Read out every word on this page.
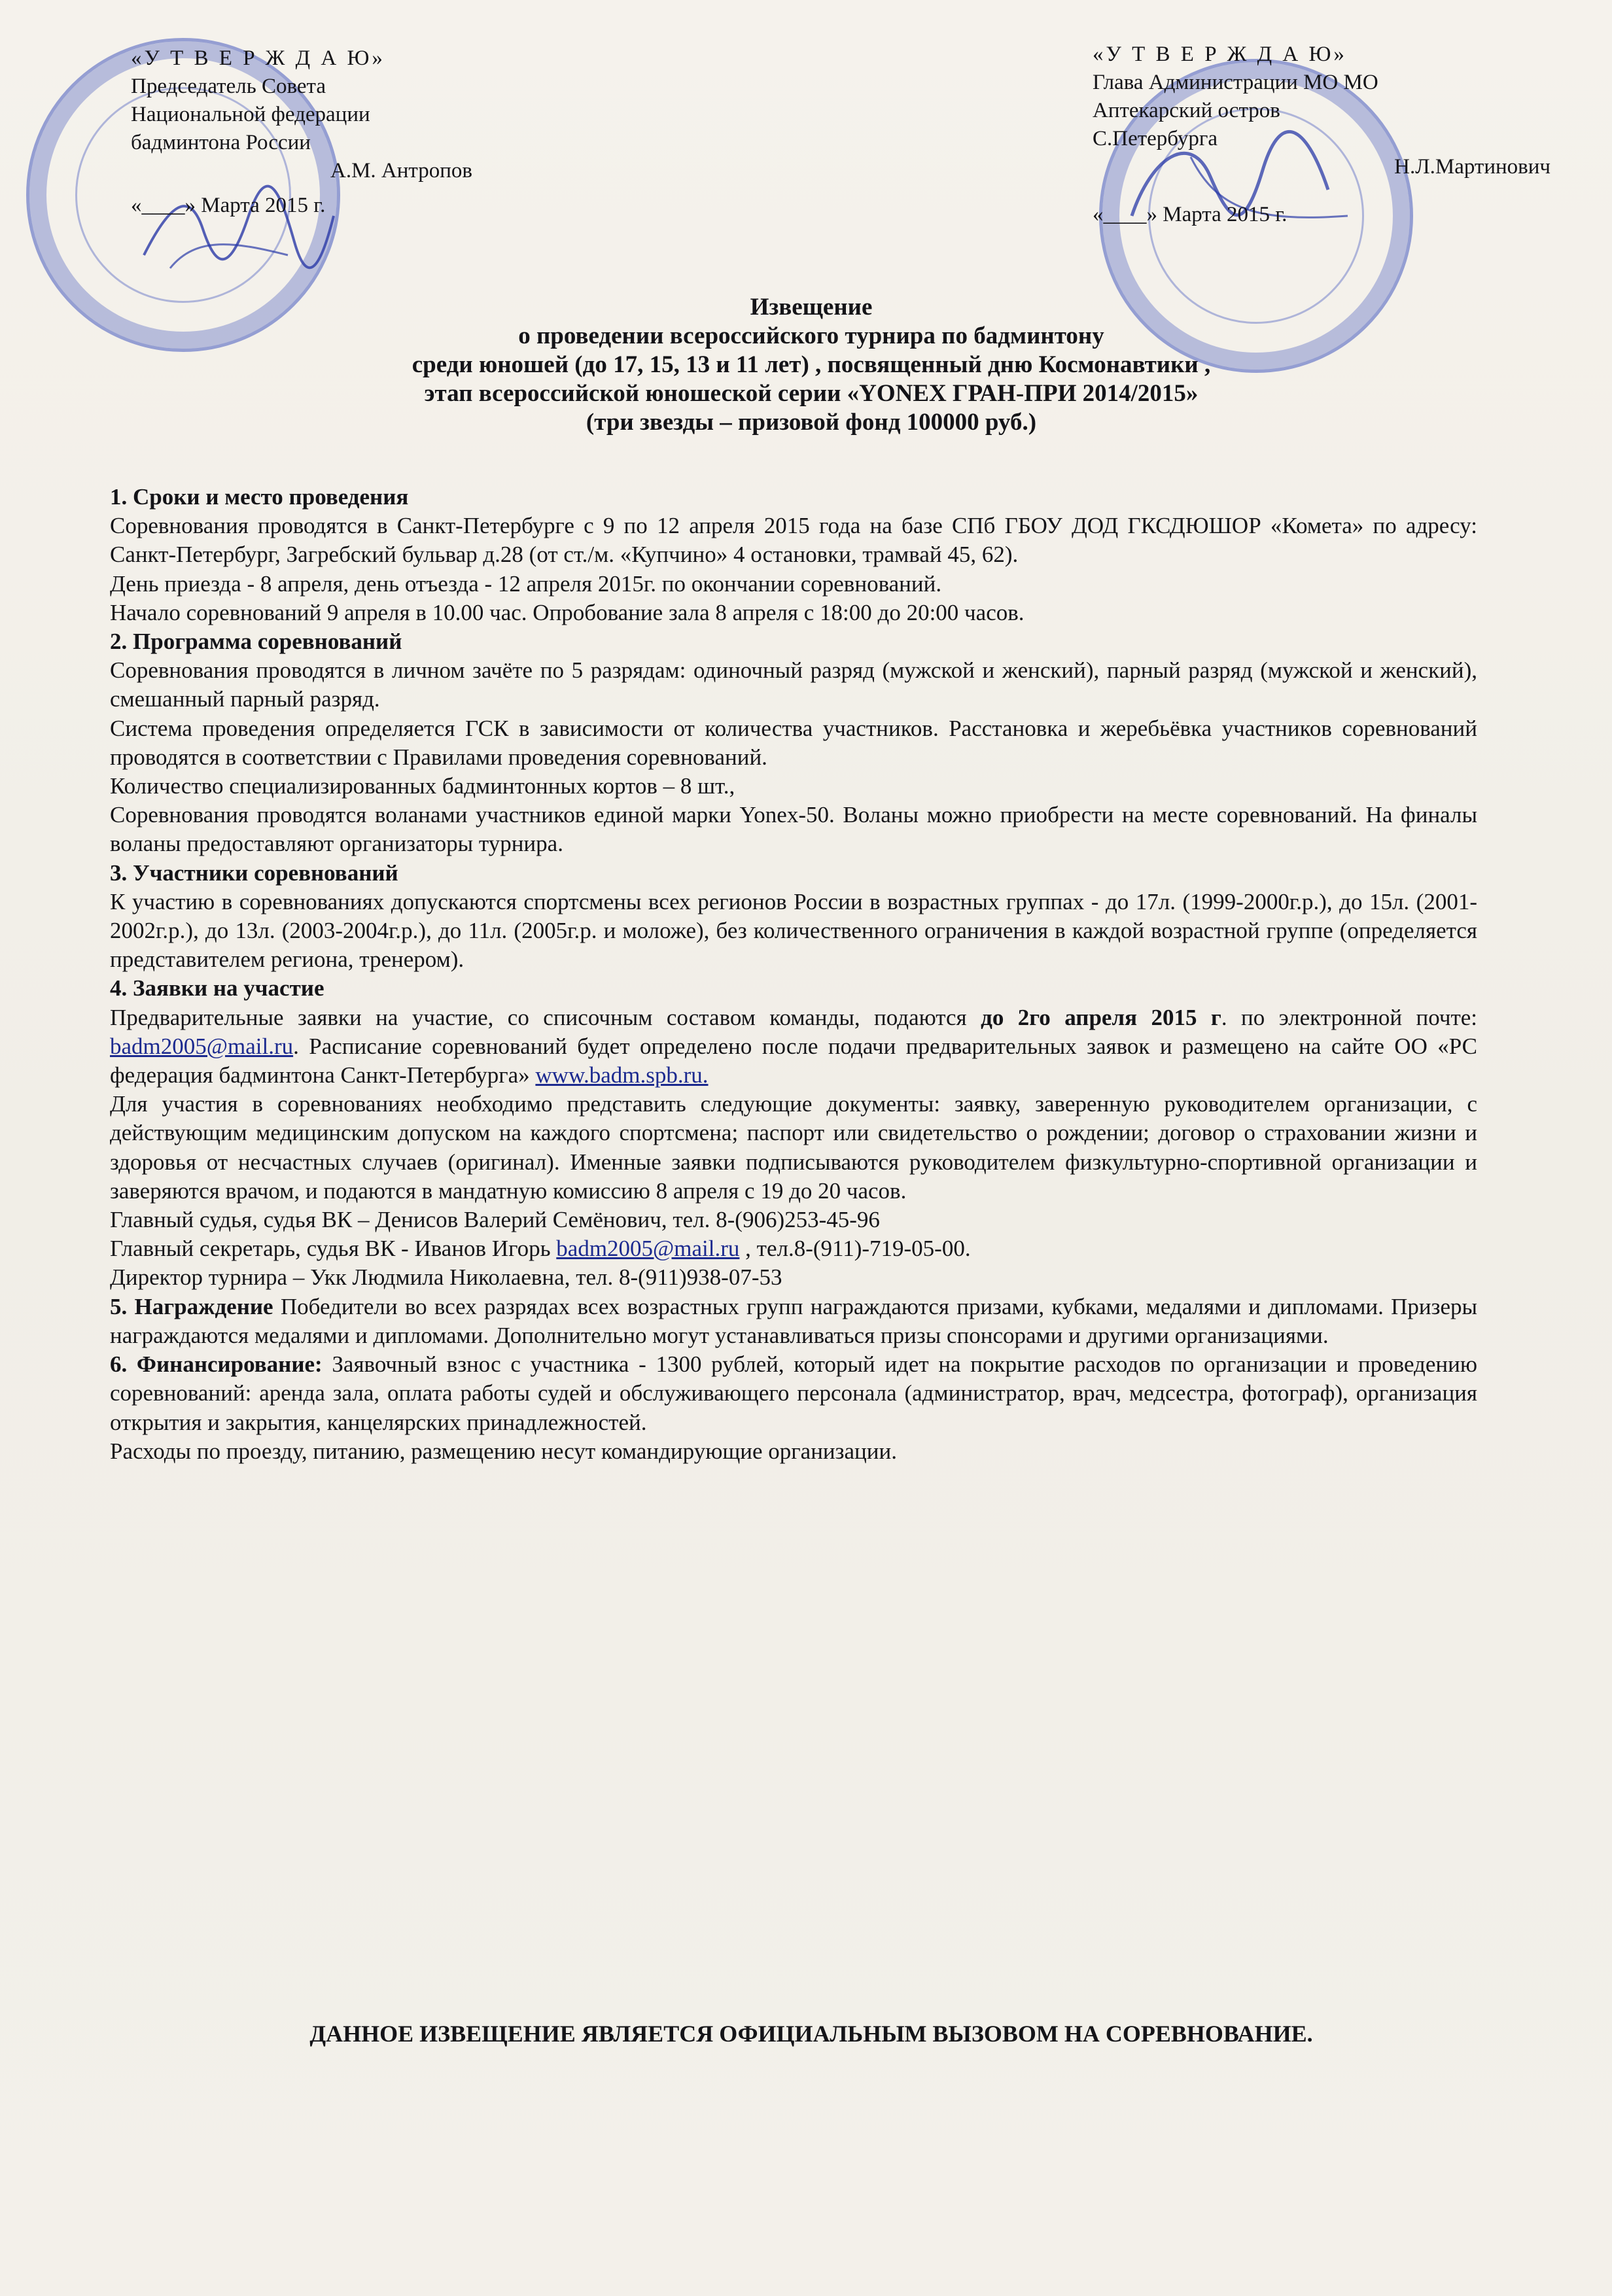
«У Т В Е Р Ж Д А Ю»
Председатель Совета
Национальной федерации
бадминтона России
А.М. Антропов
«____» Марта 2015 г.
«У Т В Е Р Ж Д А Ю»
Глава Администрации МО МО
Аптекарский остров
С.Петербурга
Н.Л.Мартинович
«____» Марта 2015 г.
Извещение
о проведении всероссийского турнира по бадминтону
среди юношей (до 17, 15, 13 и 11 лет) , посвященный дню Космонавтики ,
этап всероссийской юношеской серии «YONEX ГРАН-ПРИ 2014/2015»
(три звезды – призовой фонд 100000 руб.)

1. Сроки и место проведения

Соревнования проводятся в Санкт-Петербурге с 9 по 12 апреля 2015 года на базе СПб ГБОУ ДОД ГКСДЮШОР «Комета» по адресу: Санкт-Петербург, Загребский бульвар д.28 (от ст./м. «Купчино» 4 остановки, трамвай 45, 62).

День приезда - 8 апреля, день отъезда - 12 апреля 2015г. по окончании соревнований.

Начало соревнований 9 апреля в 10.00 час. Опробование зала 8 апреля с 18:00 до 20:00 часов.

2. Программа соревнований

Соревнования проводятся в личном зачёте по 5 разрядам: одиночный разряд (мужской и женский), парный разряд (мужской и женский), смешанный парный разряд.

Система проведения определяется ГСК в зависимости от количества участников. Расстановка и жеребьёвка участников соревнований проводятся в соответствии с Правилами проведения соревнований.

Количество специализированных бадминтонных кортов – 8 шт.,

Соревнования проводятся воланами участников единой марки Yonex-50. Воланы можно приобрести на месте соревнований. На финалы воланы предоставляют организаторы турнира.

3. Участники соревнований

К участию в соревнованиях допускаются спортсмены всех регионов России в возрастных группах - до 17л. (1999-2000г.р.), до 15л. (2001-2002г.р.), до 13л. (2003-2004г.р.), до 11л. (2005г.р. и моложе), без количественного ограничения в каждой возрастной группе (определяется представителем региона, тренером).

4. Заявки на участие

Предварительные заявки на участие, со списочным составом команды, подаются до 2го апреля 2015 г. по электронной почте: badm2005@mail.ru. Расписание соревнований будет определено после подачи предварительных заявок и размещено на сайте ОО «РС федерация бадминтона Санкт-Петербурга» www.badm.spb.ru.

Для участия в соревнованиях необходимо представить следующие документы: заявку, заверенную руководителем организации, с действующим медицинским допуском на каждого спортсмена; паспорт или свидетельство о рождении; договор о страховании жизни и здоровья от несчастных случаев (оригинал). Именные заявки подписываются руководителем физкультурно-спортивной организации и заверяются врачом, и подаются в мандатную комиссию 8 апреля с 19 до 20 часов.

Главный судья, судья ВК – Денисов Валерий Семёнович, тел. 8-(906)253-45-96

Главный секретарь, судья ВК - Иванов Игорь badm2005@mail.ru , тел.8-(911)-719-05-00.

Директор турнира – Укк Людмила Николаевна, тел. 8-(911)938-07-53

5. Награждение Победители во всех разрядах всех возрастных групп награждаются призами, кубками, медалями и дипломами. Призеры награждаются медалями и дипломами. Дополнительно могут устанавливаться призы спонсорами и другими организациями.

6. Финансирование: Заявочный взнос с участника - 1300 рублей, который идет на покрытие расходов по организации и проведению соревнований: аренда зала, оплата работы судей и обслуживающего персонала (администратор, врач, медсестра, фотограф), организация открытия и закрытия, канцелярских принадлежностей.

Расходы по проезду, питанию, размещению несут командирующие организации.

ДАННОЕ ИЗВЕЩЕНИЕ ЯВЛЯЕТСЯ ОФИЦИАЛЬНЫМ ВЫЗОВОМ НА СОРЕВНОВАНИЕ.
